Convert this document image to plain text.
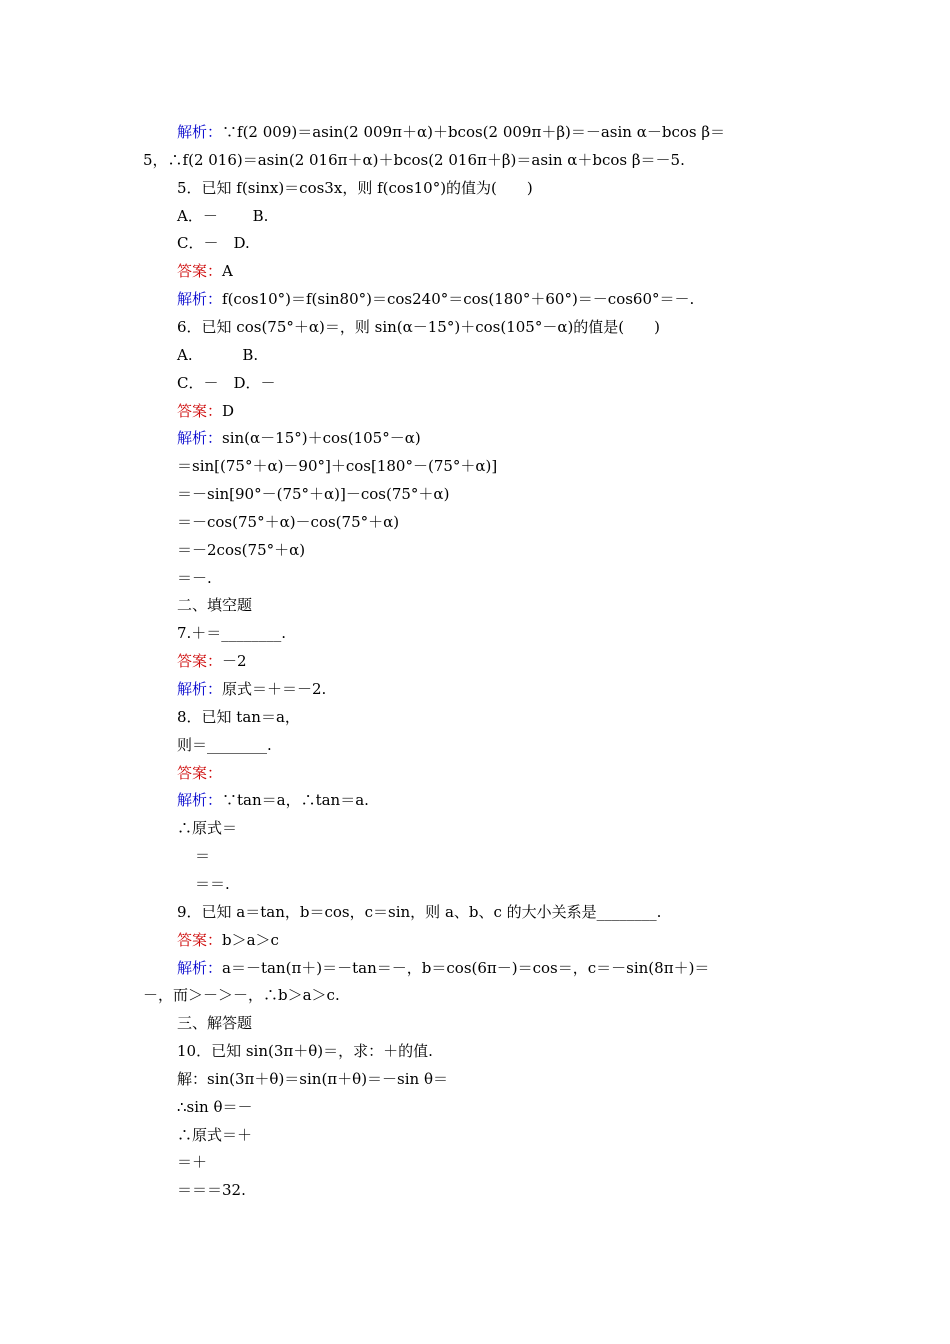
解析：∵f(2 009)＝asin(2 009π＋α)＋bcos(2 009π＋β)＝－asin α－bcos β＝
5，∴f(2 016)＝asin(2 016π＋α)＋bcos(2 016π＋β)＝asin α＋bcos β＝－5.
5．已知 f(sinx)＝cos3x，则 f(cos10°)的值为(　　)
A．－　　 B.
C．－　D.
答案：A
解析：f(cos10°)＝f(sin80°)＝cos240°＝cos(180°＋60°)＝－cos60°＝－.
6．已知 cos(75°＋α)＝，则 sin(α－15°)＋cos(105°－α)的值是(　　)
A.　　　 B.
C．－　D．－
答案：D
解析：sin(α－15°)＋cos(105°－α)
＝sin[(75°＋α)－90°]＋cos[180°－(75°＋α)]
＝－sin[90°－(75°＋α)]－cos(75°＋α)
＝－cos(75°＋α)－cos(75°＋α)
＝－2cos(75°＋α)
＝－.
二、填空题
7.＋＝________.
答案：－2
解析：原式＝＋＝－2.
8．已知 tan＝a，
则＝________.
答案：
解析：∵tan＝a，∴tan＝a.
∴原式＝
＝
＝＝.
9．已知 a＝tan，b＝cos，c＝sin，则 a、b、c 的大小关系是________.
答案：b＞a＞c
解析：a＝－tan(π＋)＝－tan＝－，b＝cos(6π－)＝cos＝，c＝－sin(8π＋)＝
－，而＞－＞－，∴b＞a＞c.
三、解答题
10．已知 sin(3π＋θ)＝，求：＋的值.
解：sin(3π＋θ)＝sin(π＋θ)＝－sin θ＝
∴sin θ＝－
∴原式＝＋
＝＋
＝＝＝32.
